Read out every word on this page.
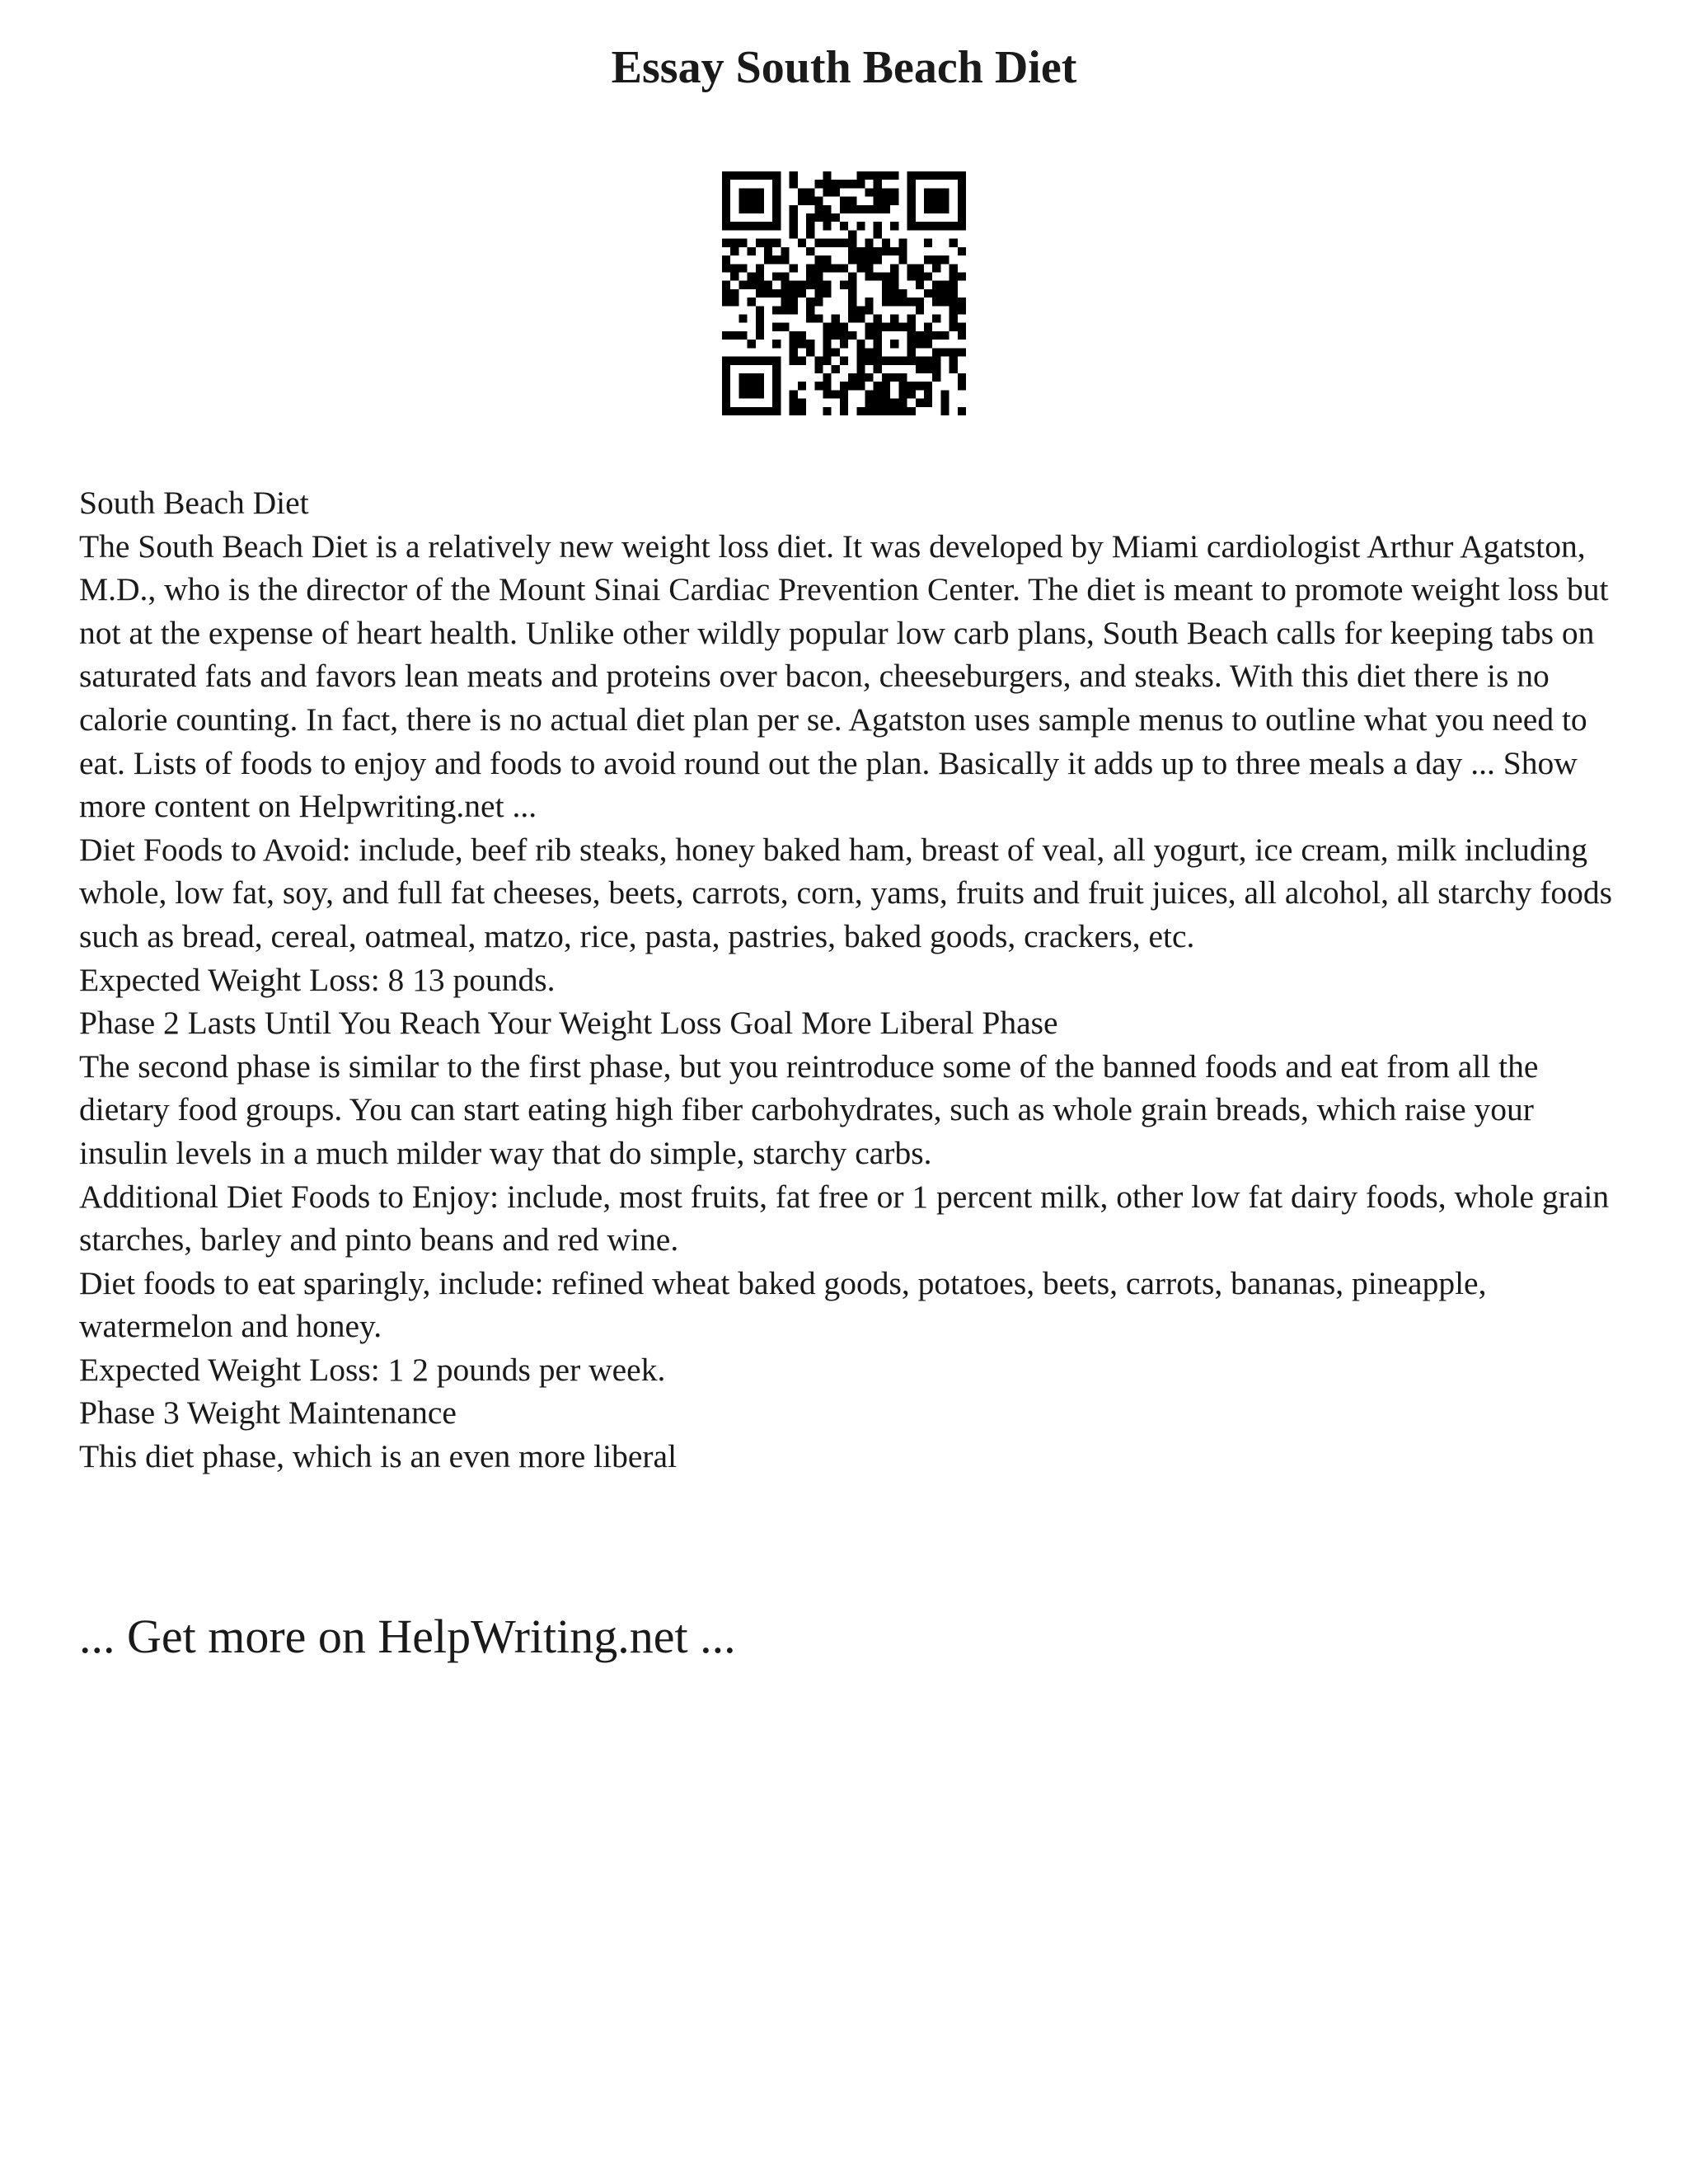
Essay South Beach Diet

South Beach Diet

The South Beach Diet is a relatively new weight loss diet. It was developed by Miami cardiologist Arthur Agatston, M.D., who is the director of the Mount Sinai Cardiac Prevention Center. The diet is meant to promote weight loss but not at the expense of heart health. Unlike other wildly popular low carb plans, South Beach calls for keeping tabs on saturated fats and favors lean meats and proteins over bacon, cheeseburgers, and steaks. With this diet there is no calorie counting. In fact, there is no actual diet plan per se. Agatston uses sample menus to outline what you need to eat. Lists of foods to enjoy and foods to avoid round out the plan. Basically it adds up to three meals a day ... Show more content on Helpwriting.net ...

Diet Foods to Avoid: include, beef rib steaks, honey baked ham, breast of veal, all yogurt, ice cream, milk including whole, low fat, soy, and full fat cheeses, beets, carrots, corn, yams, fruits and fruit juices, all alcohol, all starchy foods such as bread, cereal, oatmeal, matzo, rice, pasta, pastries, baked goods, crackers, etc.

Expected Weight Loss: 8 13 pounds.

Phase 2 Lasts Until You Reach Your Weight Loss Goal More Liberal Phase

The second phase is similar to the first phase, but you reintroduce some of the banned foods and eat from all the dietary food groups. You can start eating high fiber carbohydrates, such as whole grain breads, which raise your insulin levels in a much milder way that do simple, starchy carbs.

Additional Diet Foods to Enjoy: include, most fruits, fat free or 1 percent milk, other low fat dairy foods, whole grain starches, barley and pinto beans and red wine.

Diet foods to eat sparingly, include: refined wheat baked goods, potatoes, beets, carrots, bananas, pineapple, watermelon and honey.

Expected Weight Loss: 1 2 pounds per week.

Phase 3 Weight Maintenance

This diet phase, which is an even more liberal

... Get more on HelpWriting.net ...
